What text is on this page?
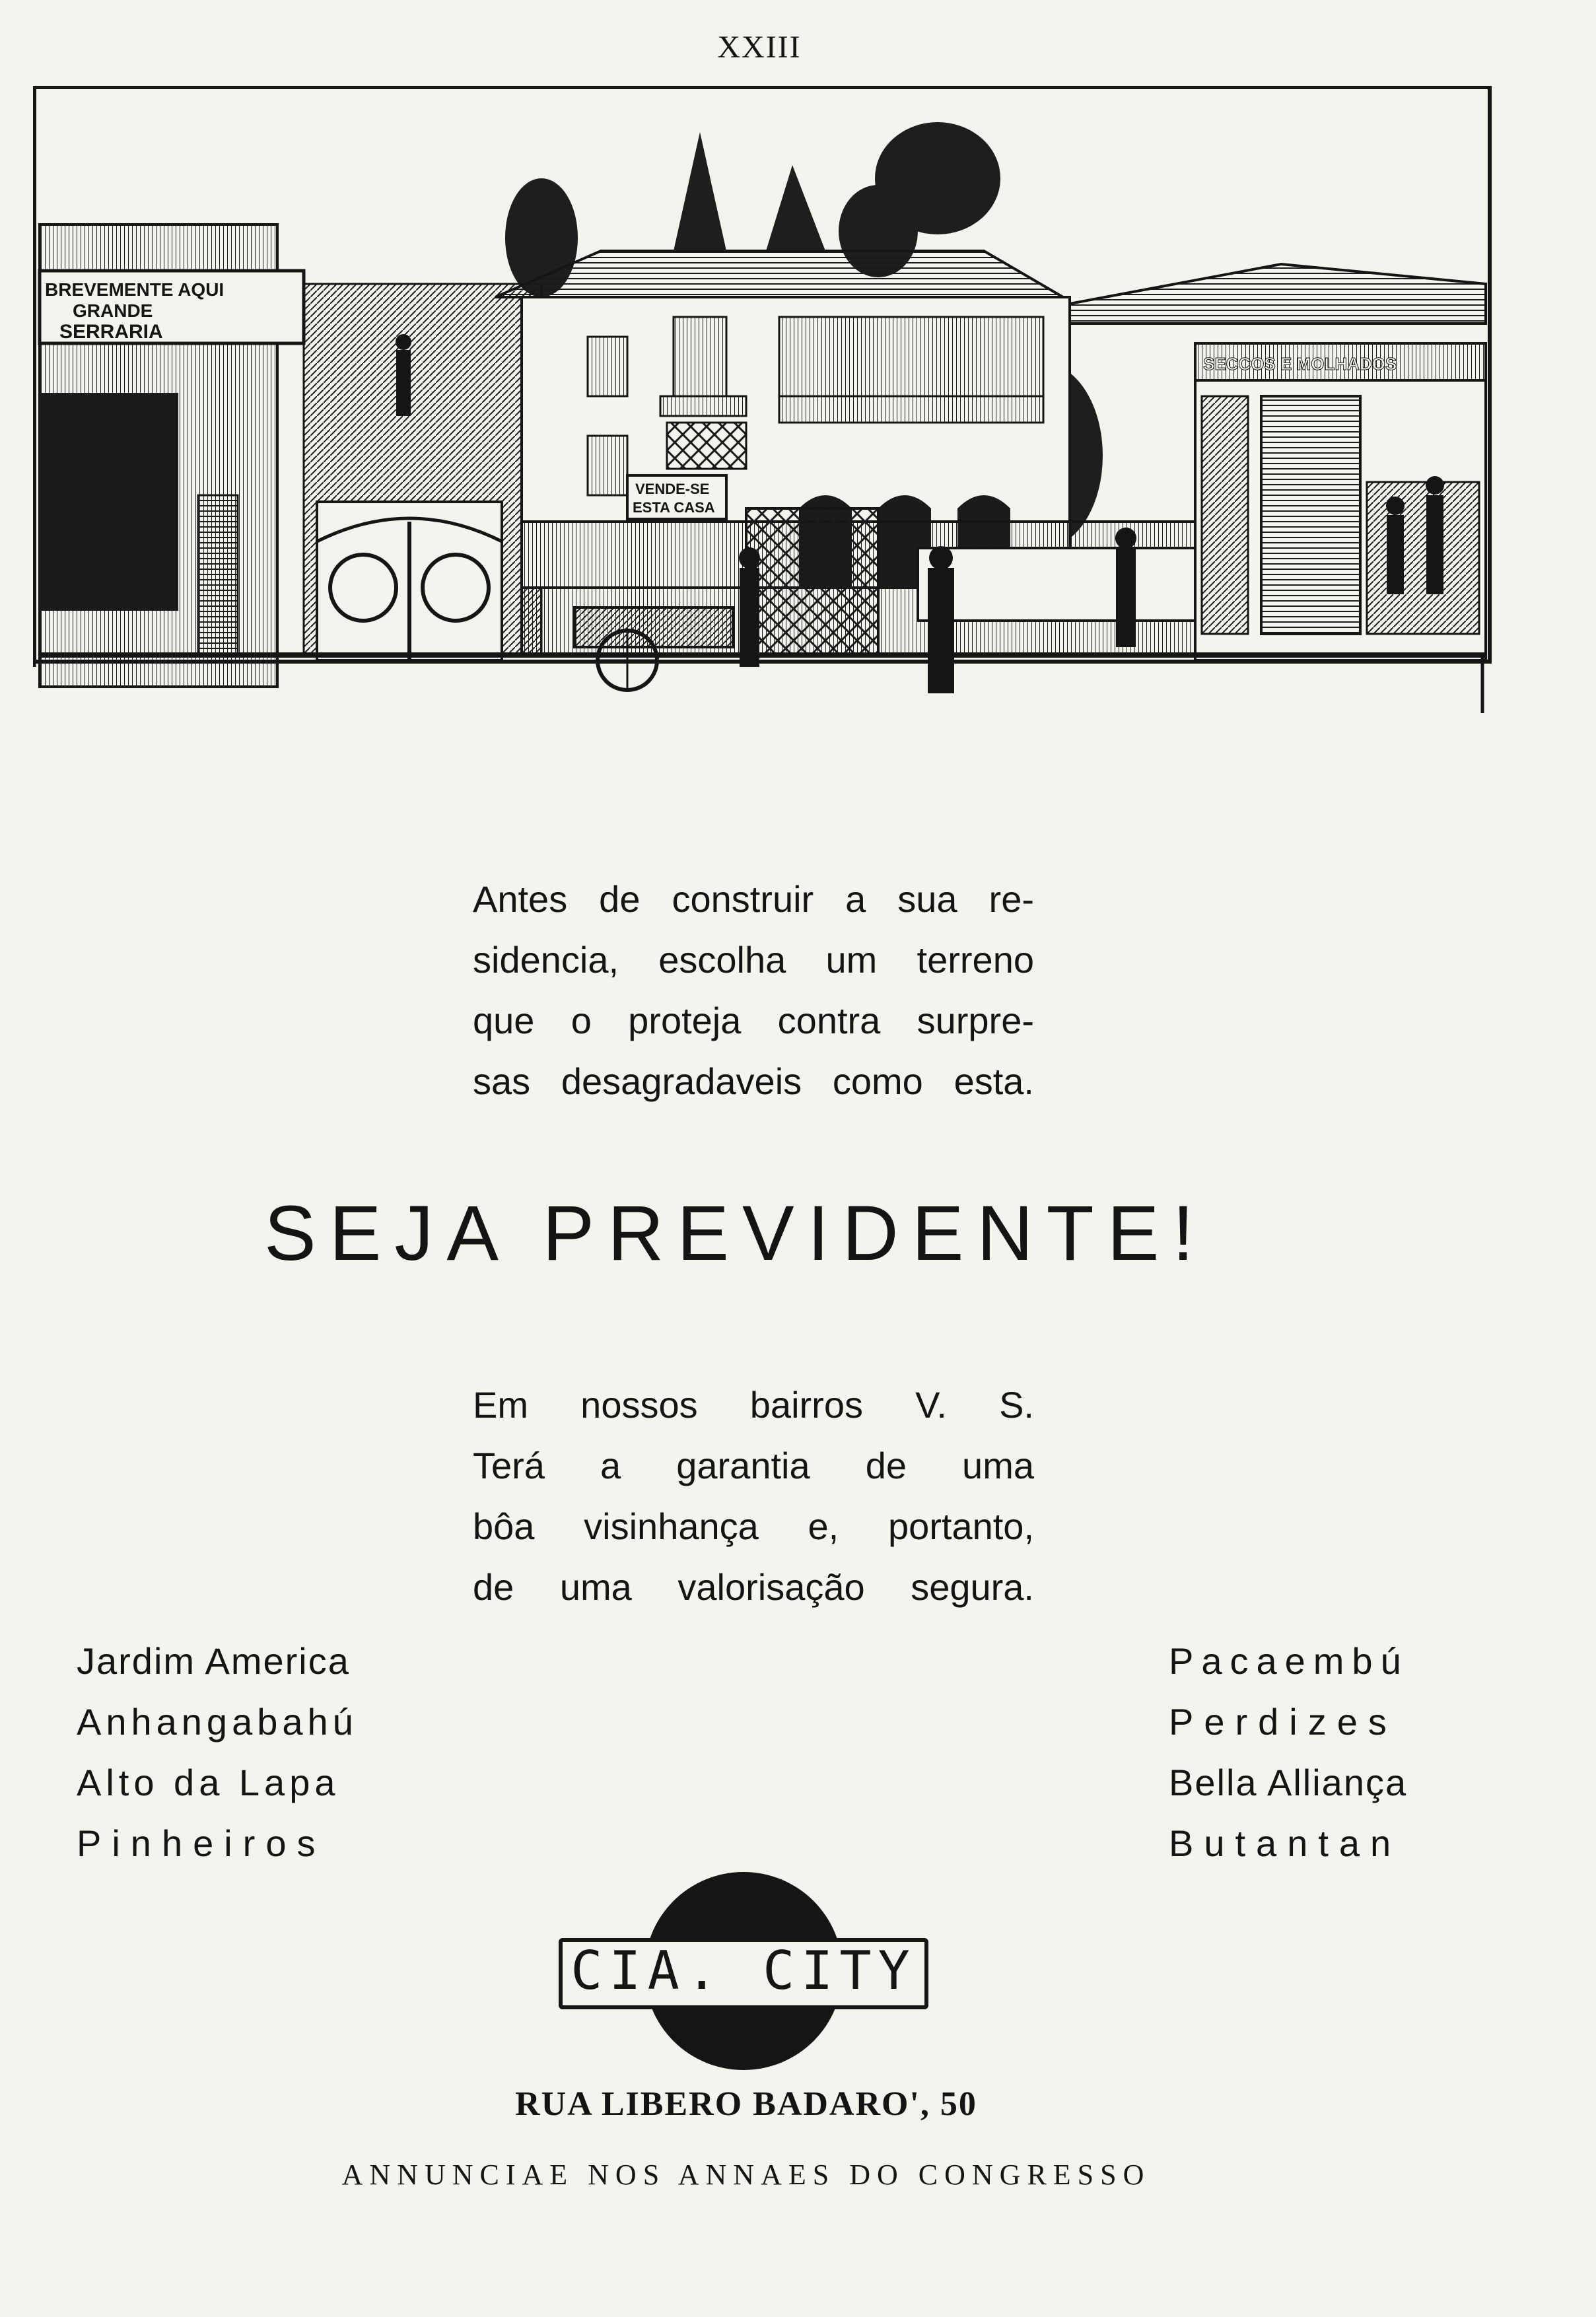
XXIII
BREVEMENTE AQUI
GRANDE
SERRARIA
VENDE-SE
ESTA CASA
SECCOS E MOLHADOS
Antes de construir a sua re-
sidencia, escolha um terreno
que o proteja contra surpre-
sas desagradaveis como esta.
SEJA PREVIDENTE!
Em nossos bairros V. S.
Terá a garantia de uma
bôa visinhança e, portanto,
de uma valorisação segura.
Jardim America
Anhangabahú
Alto da Lapa
Pinheiros
Pacaembú
Perdizes
Bella Alliança
Butantan
CIA. CITY
RUA LIBERO BADARO', 50
ANNUNCIAE NOS ANNAES DO CONGRESSO
